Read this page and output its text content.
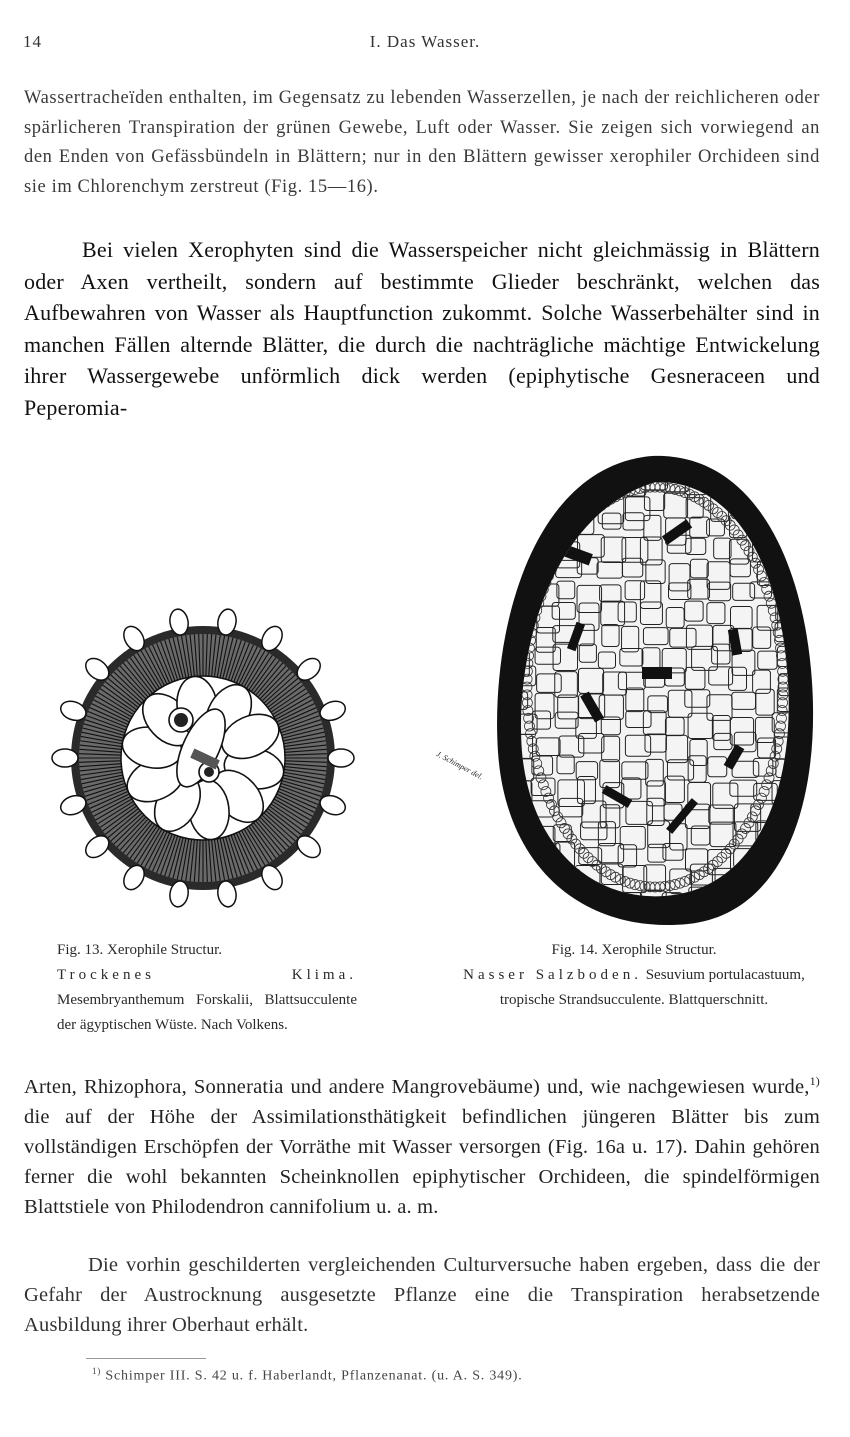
14	I. Das Wasser.

Wassertracheïden enthalten, im Gegensatz zu lebenden Wasserzellen, je nach der reichlicheren oder spärlicheren Transpiration der grünen Gewebe, Luft oder Wasser. Sie zeigen sich vorwiegend an den Enden von Gefässbündeln in Blättern; nur in den Blättern gewisser xerophiler Orchideen sind sie im Chlorenchym zerstreut (Fig. 15—16).

Bei vielen Xerophyten sind die Wasserspeicher nicht gleichmässig in Blättern oder Axen vertheilt, sondern auf bestimmte Glieder beschränkt, welchen das Aufbewahren von Wasser als Hauptfunction zukommt. Solche Wasserbehälter sind in manchen Fällen alternde Blätter, die durch die nachträgliche mächtige Entwickelung ihrer Wassergewebe unförmlich dick werden (epiphytische Gesneraceen und Peperomia-

J. Schimper del.
Fig. 13. Xerophile Structur.
Trockenes Klima. Mesembryanthemum Forskalii, Blattsucculente der ägyptischen Wüste. Nach Volkens.
Fig. 14. Xerophile Structur.
Nasser Salzboden. Sesuvium portulacastuum, tropische Strandsucculente. Blattquerschnitt.

Arten, Rhizophora, Sonneratia und andere Mangrovebäume) und, wie nachgewiesen wurde,$^{1)}$ die auf der Höhe der Assimilationsthätigkeit befindlichen jüngeren Blätter bis zum vollständigen Erschöpfen der Vorräthe mit Wasser versorgen (Fig. 16a u. 17). Dahin gehören ferner die wohl bekannten Scheinknollen epiphytischer Orchideen, die spindelförmigen Blattstiele von Philodendron cannifolium u. a. m.

Die vorhin geschilderten vergleichenden Culturversuche haben ergeben, dass die der Gefahr der Austrocknung ausgesetzte Pflanze eine die Transpiration herabsetzende Ausbildung ihrer Oberhaut erhält.

$^{1)}$ Schimper III. S. 42 u. f. Haberlandt, Pflanzenanat. (u. A. S. 349).
